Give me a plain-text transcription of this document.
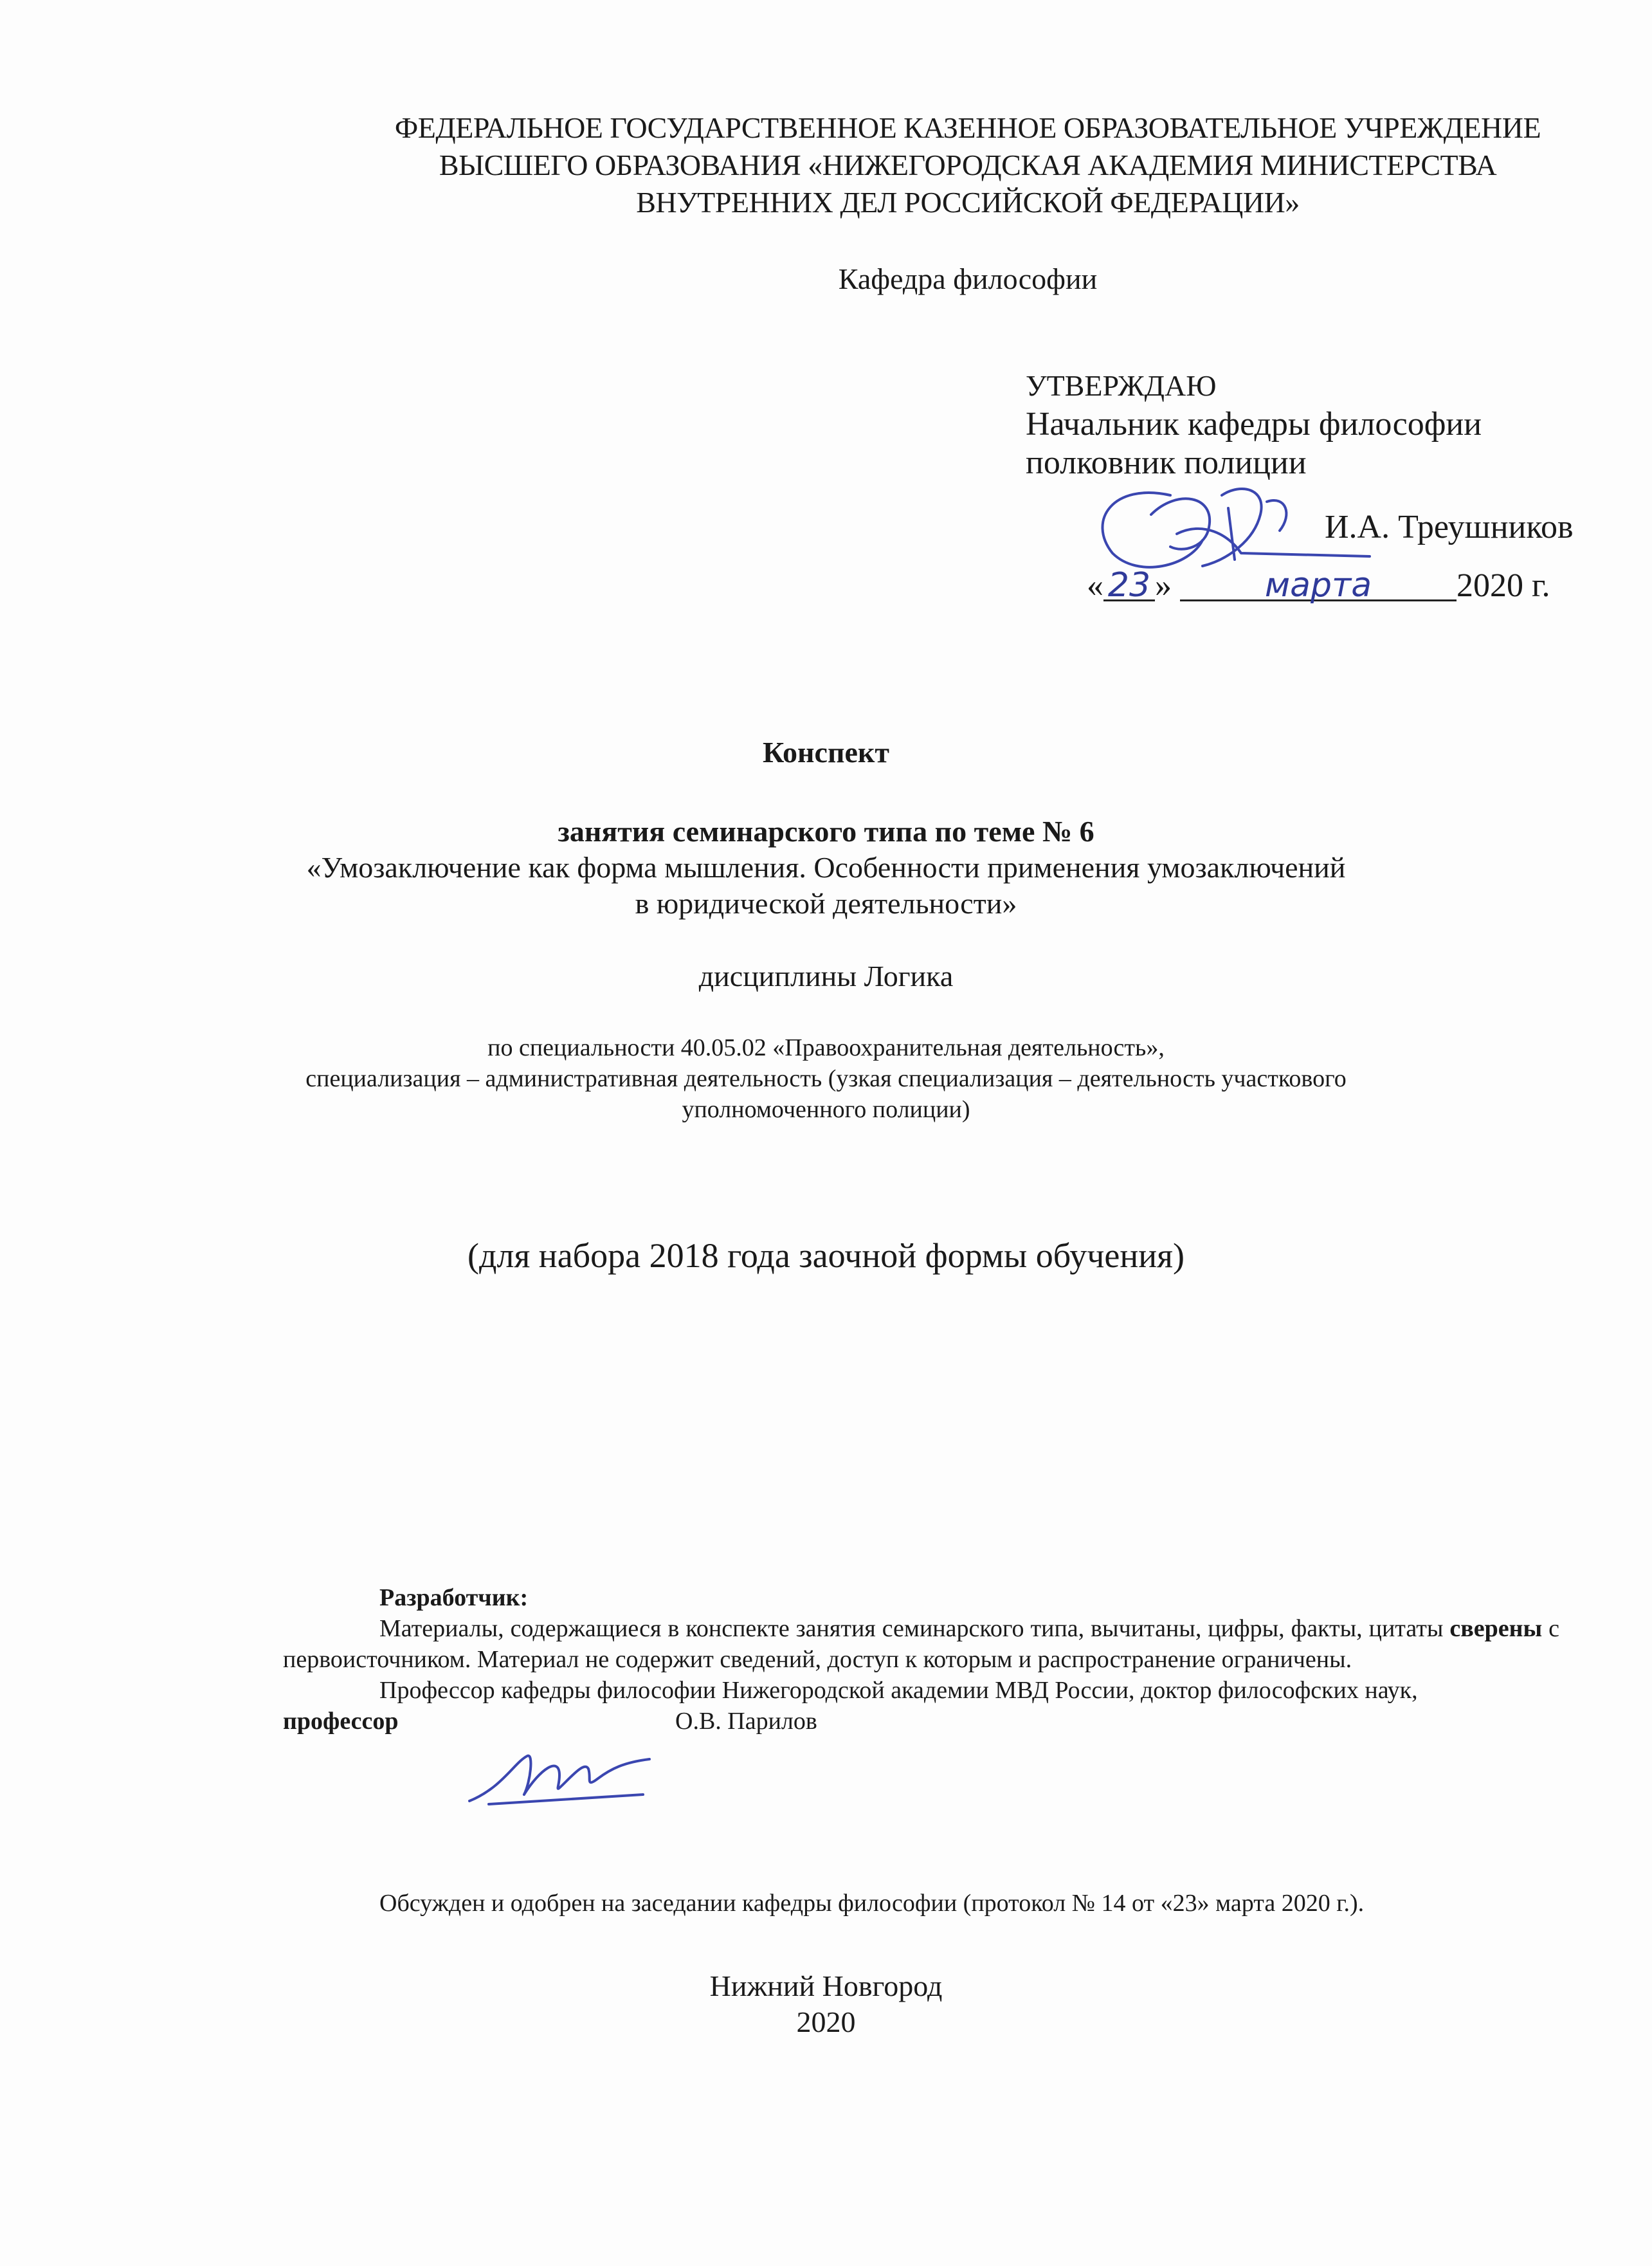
ФЕДЕРАЛЬНОЕ ГОСУДАРСТВЕННОЕ КАЗЕННОЕ ОБРАЗОВАТЕЛЬНОЕ УЧРЕЖДЕНИЕ
ВЫСШЕГО ОБРАЗОВАНИЯ «НИЖЕГОРОДСКАЯ АКАДЕМИЯ МИНИСТЕРСТВА
ВНУТРЕННИХ ДЕЛ РОССИЙСКОЙ ФЕДЕРАЦИИ»
Кафедра философии
УТВЕРЖДАЮ
Начальник кафедры философии
полковник полиции
И.А. Треушников
« 23 »	марта	2020 г.
Конспект
занятия семинарского типа по теме № 6
«Умозаключение как форма мышления. Особенности применения умозаключений
в юридической деятельности»
дисциплины Логика
по специальности 40.05.02 «Правоохранительная деятельность»,
специализация – административная деятельность (узкая специализация – деятельность участкового
уполномоченного полиции)
(для набора 2018 года заочной формы обучения)
Разработчик:

Материалы, содержащиеся в конспекте занятия семинарского типа, вычитаны, цифры, факты, цитаты сверены с первоисточником. Материал не содержит сведений, доступ к которым и распространение ограничены.

Профессор кафедры философии Нижегородской академии МВД России, доктор философских наук,

профессор	О.В. Парилов
Обсужден и одобрен на заседании кафедры философии (протокол № 14 от «23» марта 2020 г.).
Нижний Новгород
2020
